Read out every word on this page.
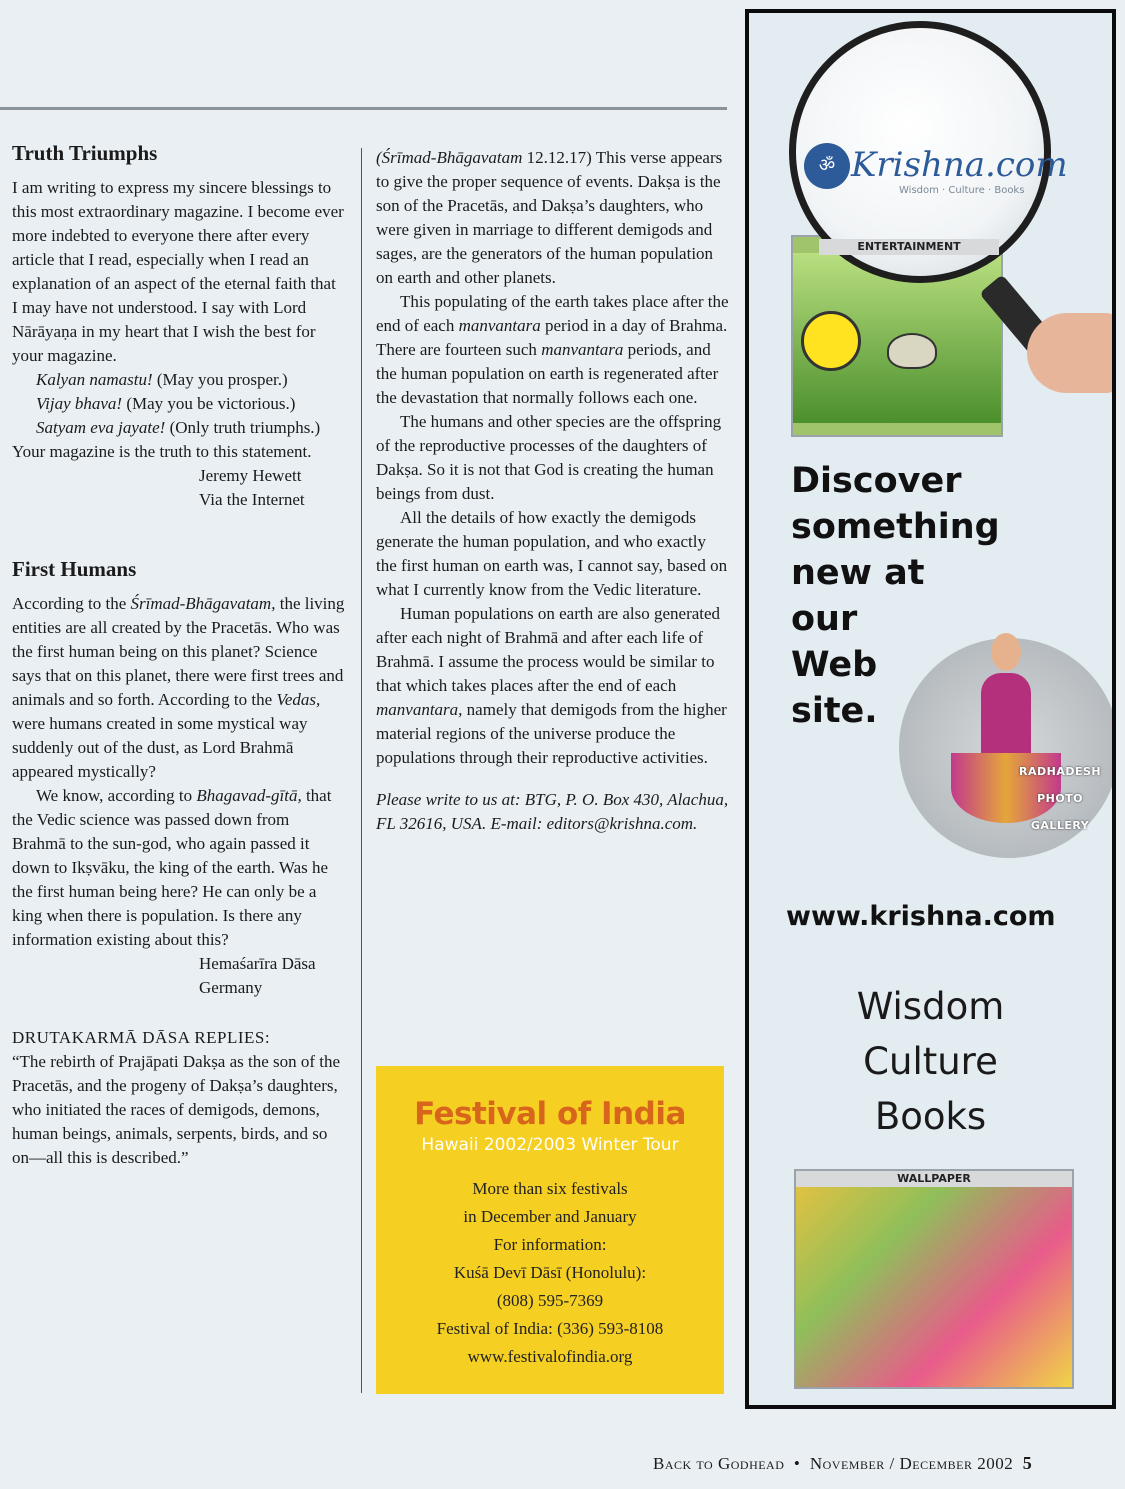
Truth Triumphs

I am writing to express my sincere blessings to this most extraordinary magazine. I become ever more indebted to everyone there after every article that I read, especially when I read an explanation of an aspect of the eternal faith that I may have not understood. I say with Lord Nārāyaṇa in my heart that I wish the best for your magazine.

Kalyan namastu! (May you prosper.)

Vijay bhava! (May you be victorious.)

Satyam eva jayate! (Only truth triumphs.) Your magazine is the truth to this statement.

Jeremy Hewett

Via the Internet

First Humans

According to the Śrīmad-Bhāgavatam, the living entities are all created by the Pracetās. Who was the first human being on this planet? Science says that on this planet, there were first trees and animals and so forth. According to the Vedas, were humans created in some mystical way suddenly out of the dust, as Lord Brahmā appeared mystically?

We know, according to Bhagavad-gītā, that the Vedic science was passed down from Brahmā to the sun-god, who again passed it down to Ikṣvāku, the king of the earth. Was he the first human being here? He can only be a king when there is population. Is there any information existing about this?

Hemaśarīra Dāsa

Germany

DRUTAKARMĀ DĀSA REPLIES:

“The rebirth of Prajāpati Dakṣa as the son of the Pracetās, and the progeny of Dakṣa’s daughters, who initiated the races of demigods, demons, human beings, animals, serpents, birds, and so on—all this is described.”

(Śrīmad-Bhāgavatam 12.12.17) This verse appears to give the proper sequence of events. Dakṣa is the son of the Pracetās, and Dakṣa’s daughters, who were given in marriage to different demigods and sages, are the generators of the human population on earth and other planets.

This populating of the earth takes place after the end of each manvantara period in a day of Brahma. There are fourteen such manvantara periods, and the human population on earth is regenerated after the devastation that normally follows each one.

The humans and other species are the offspring of the reproductive processes of the daughters of Dakṣa. So it is not that God is creating the human beings from dust.

All the details of how exactly the demigods generate the human population, and who exactly the first human on earth was, I cannot say, based on what I currently know from the Vedic literature.

Human populations on earth are also generated after each night of Brahmā and after each life of Brahmā. I assume the process would be similar to that which takes places after the end of each manvantara, namely that demigods from the higher material regions of the universe produce the populations through their reproductive activities.

Please write to us at: BTG, P. O. Box 430, Alachua, FL 32616, USA. E-mail: editors@krishna.com.

Festival of India
Hawaii 2002/2003 Winter Tour
More than six festivals
in December and January
For information:
Kuśā Devī Dāsī (Honolulu):
(808) 595-7369
Festival of India: (336) 593-8108
www.festivalofindia.org
ॐ Krishna.com
Wisdom · Culture · Books
ENTERTAINMENT
Discover
something
new at
our
Web
site.
RADHADESH
PHOTO
GALLERY
www.krishna.com
Wisdom
Culture
Books
WALLPAPER
Back to Godhead • November / December 2002 5
